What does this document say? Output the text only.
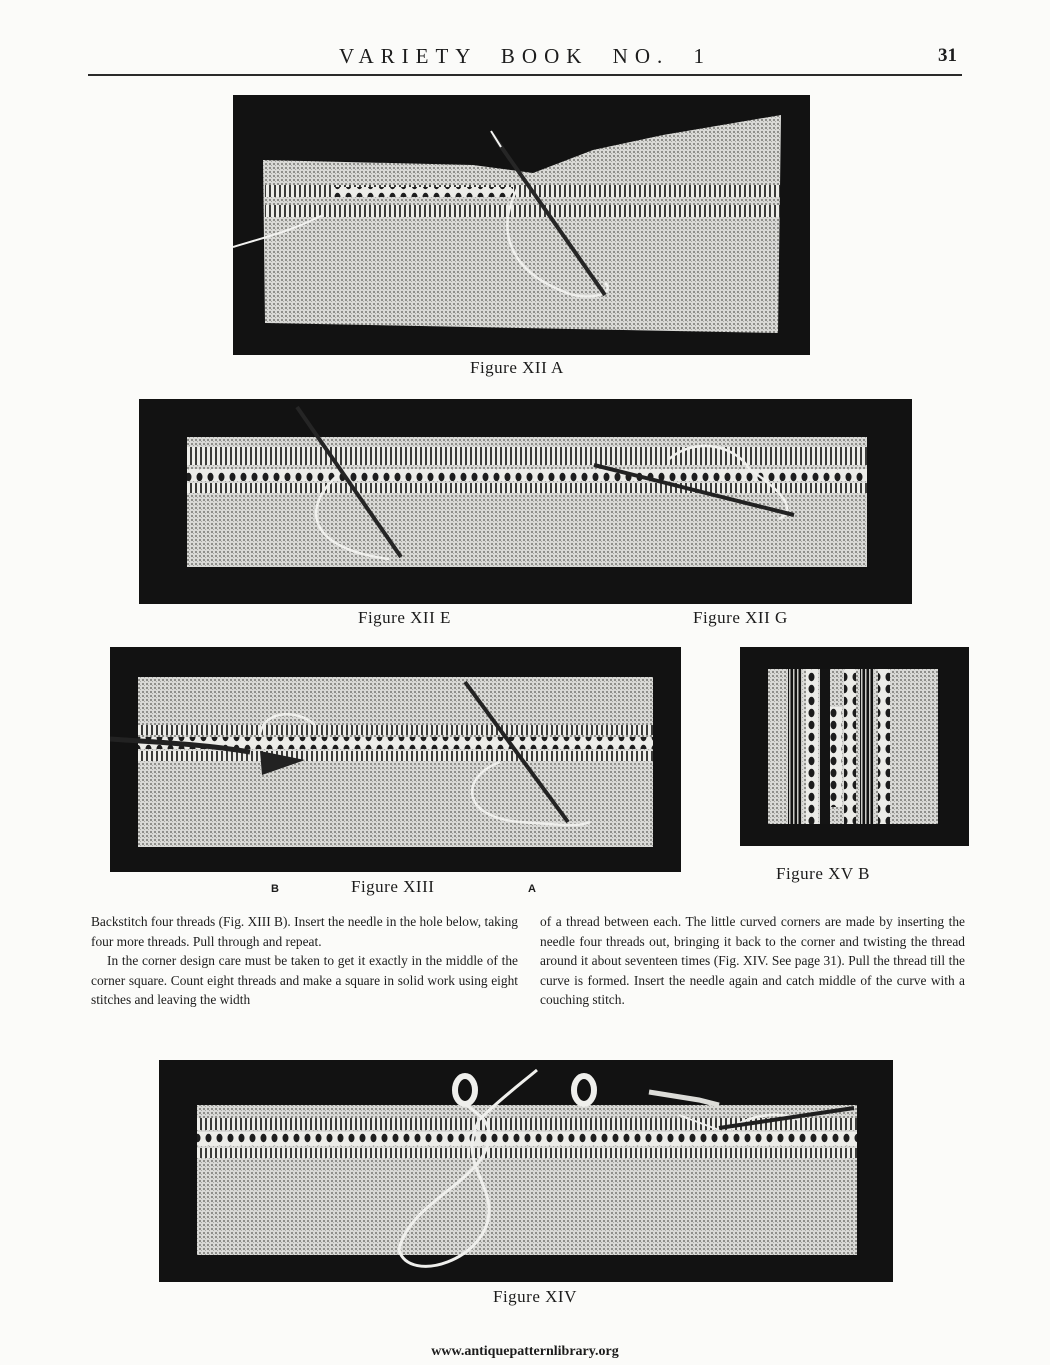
VARIETY BOOK NO. 1	31
Figure XII A
Figure XII E	Figure XII G
B	Figure XIII	A
Figure XV B

Backstitch four threads (Fig. XIII B). Insert the needle in the hole below, taking four more threads. Pull through and repeat.

In the corner design care must be taken to get it exactly in the middle of the corner square. Count eight threads and make a square in solid work using eight stitches and leaving the width

of a thread between each. The little curved corners are made by inserting the needle four threads out, bringing it back to the corner and twisting the thread around it about seventeen times (Fig. XIV. See page 31). Pull the thread till the curve is formed. Insert the needle again and catch middle of the curve with a couching stitch.

Figure XIV
www.antiquepatternlibrary.org
